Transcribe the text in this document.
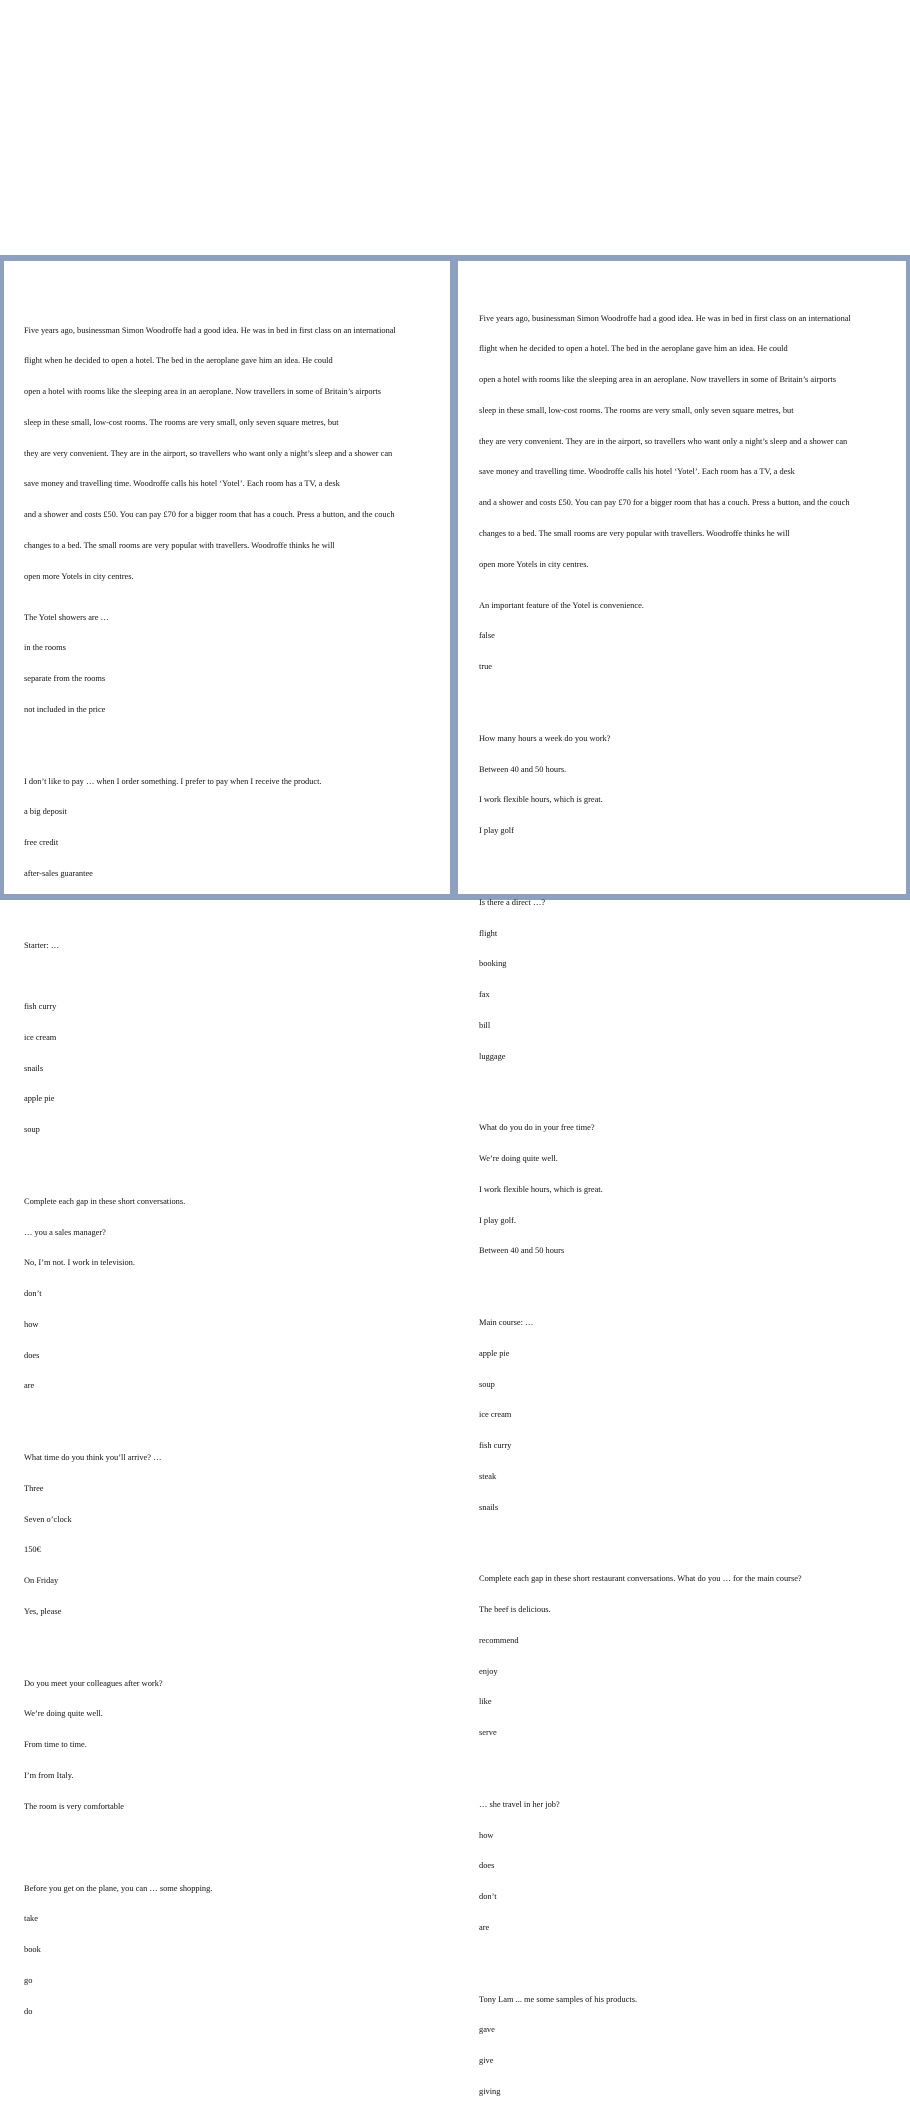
Five years ago, businessman Simon Woodroffe had a good idea. He was in bed in first class on an international

flight when he decided to open a hotel. The bed in the aeroplane gave him an idea. He could

open a hotel with rooms like the sleeping area in an aeroplane. Now travellers in some of Britain’s airports

sleep in these small, low-cost rooms. The rooms are very small, only seven square metres, but

they are very convenient. They are in the airport, so travellers who want only a night’s sleep and a shower can

save money and travelling time. Woodroffe calls his hotel ‘Yotel’. Each room has a TV, a desk

and a shower and costs £50. You can pay £70 for a bigger room that has a couch. Press a button, and the couch

changes to a bed. The small rooms are very popular with travellers. Woodroffe thinks he will

open more Yotels in city centres.

The Yotel showers are …

in the rooms

separate from the rooms

not included in the price

I don’t like to pay … when I order something. I prefer to pay when I receive the product.

a big deposit

free credit

after-sales guarantee

Starter: …

fish curry

ice cream

snails

apple pie

soup

Complete each gap in these short conversations.

… you a sales manager?

No, I’m not. I work in television.

don’t

how

does

are

What time do you think you’ll arrive? …

Three

Seven o’clock

150€

On Friday

Yes, please

Do you meet your colleagues after work?

We’re doing quite well.

From time to time.

I’m from Italy.

The room is very comfortable

Before you get on the plane, you can … some shopping.

take

book

go

do

Five years ago, businessman Simon Woodroffe had a good idea. He was in bed in first class on an international

flight when he decided to open a hotel. The bed in the aeroplane gave him an idea. He could

open a hotel with rooms like the sleeping area in an aeroplane. Now travellers in some of Britain’s airports

sleep in these small, low-cost rooms. The rooms are very small, only seven square metres, but

they are very convenient. They are in the airport, so travellers who want only a night’s sleep and a shower can

save money and travelling time. Woodroffe calls his hotel ‘Yotel’. Each room has a TV, a desk

and a shower and costs £50. You can pay £70 for a bigger room that has a couch. Press a button, and the couch

changes to a bed. The small rooms are very popular with travellers. Woodroffe thinks he will

open more Yotels in city centres.

An important feature of the Yotel is convenience.

false

true

How many hours a week do you work?

Between 40 and 50 hours.

I work flexible hours, which is great.

I play golf

Is there a direct …?

flight

booking

fax

bill

luggage

What do you do in your free time?

We’re doing quite well.

I work flexible hours, which is great.

I play golf.

Between 40 and 50 hours

Main course: …

apple pie

soup

ice cream

fish curry

steak

snails

Complete each gap in these short restaurant conversations. What do you … for the main course?

The beef is delicious.

recommend

enjoy

like

serve

… she travel in her job?

how

does

don’t

are

Tony Lam ... me some samples of his products.

gave

give

giving
